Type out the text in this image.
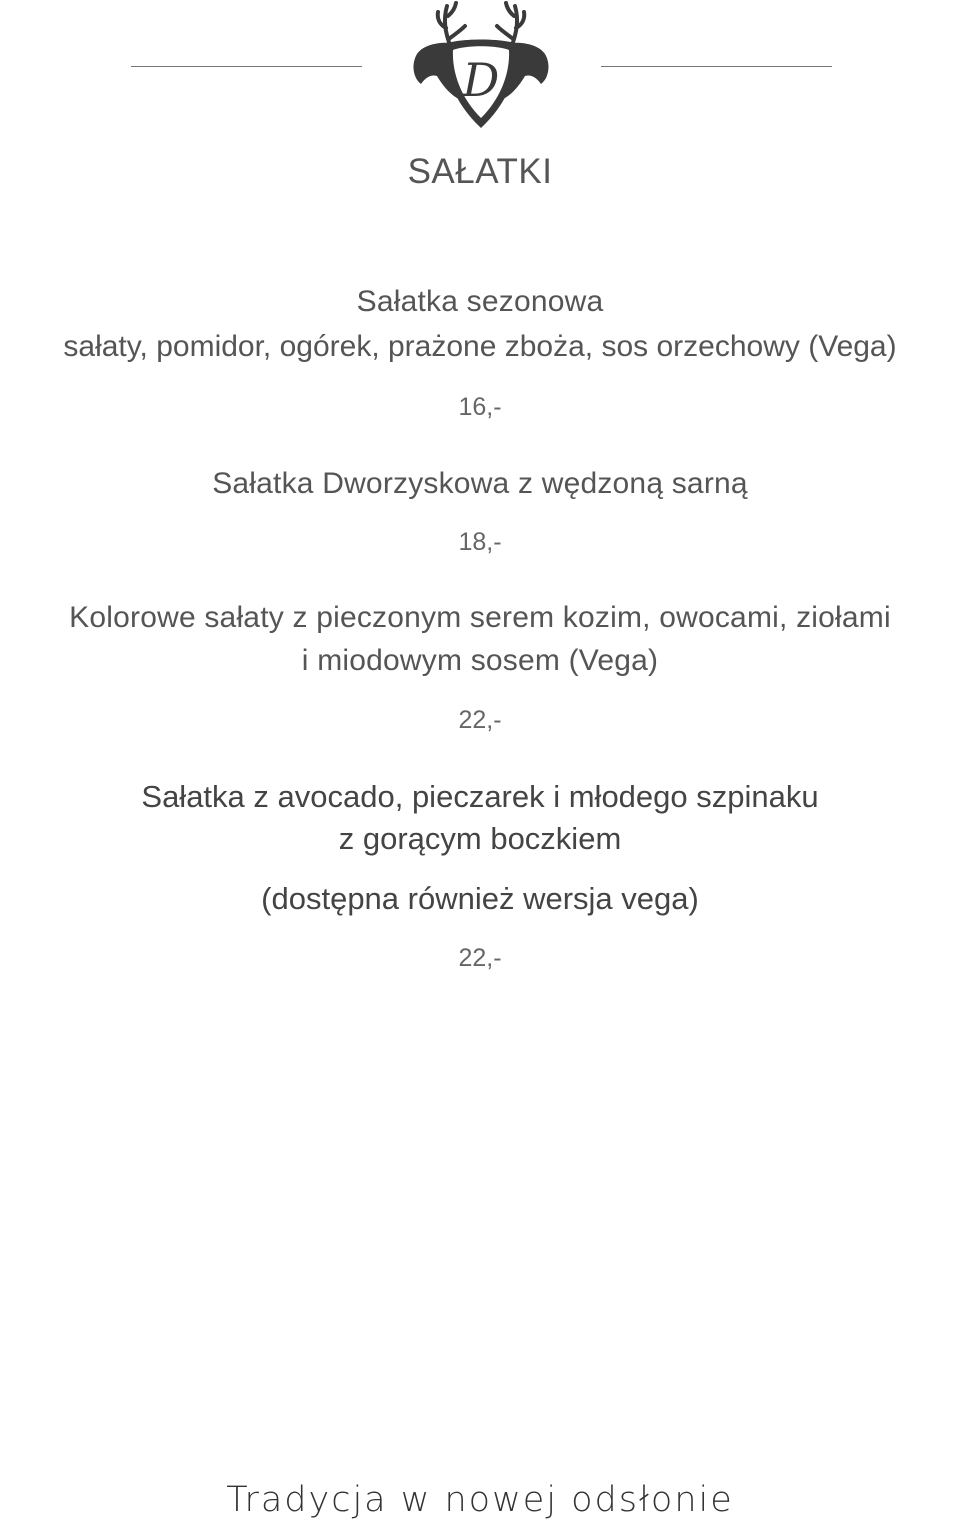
D
SAŁATKI
Sałatka sezonowa
sałaty, pomidor, ogórek, prażone zboża, sos orzechowy (Vega)
16,-
Sałatka Dworzyskowa z wędzoną sarną
18,-
Kolorowe sałaty z pieczonym serem kozim, owocami, ziołami
i miodowym sosem (Vega)
22,-
Sałatka z avocado, pieczarek i młodego szpinaku
z gorącym boczkiem
(dostępna również wersja vega)
22,-
Tradycja w nowej odsłonie
